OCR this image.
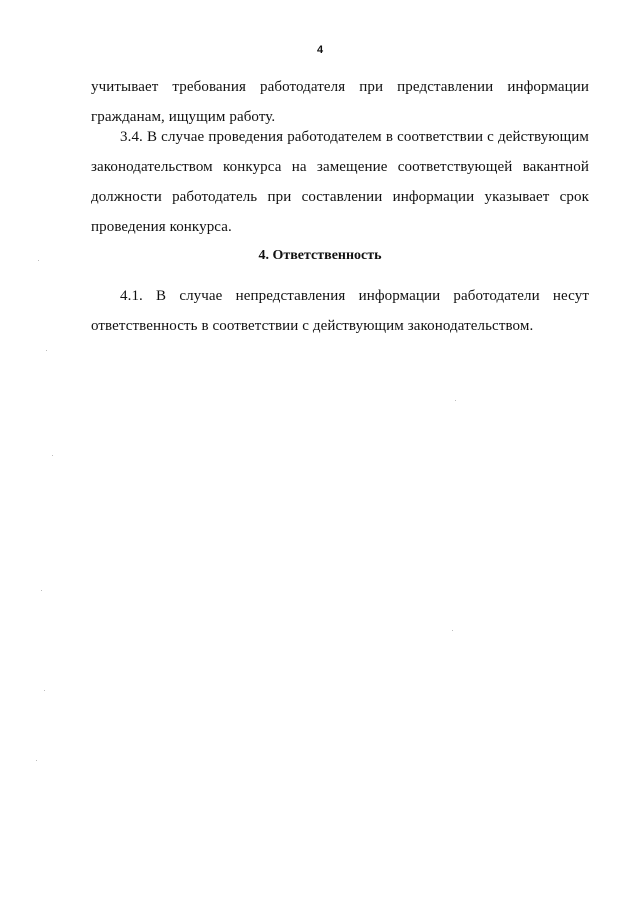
4
учитывает требования работодателя при представлении информации
гражданам, ищущим работу.
3.4. В случае проведения работодателем в соответствии с действующим
законодательством конкурса на замещение соответствующей вакантной
должности работодатель при составлении информации указывает срок
проведения конкурса.
4. Ответственность
4.1. В случае непредставления информации работодатели несут
ответственность в соответствии с действующим законодательством.
